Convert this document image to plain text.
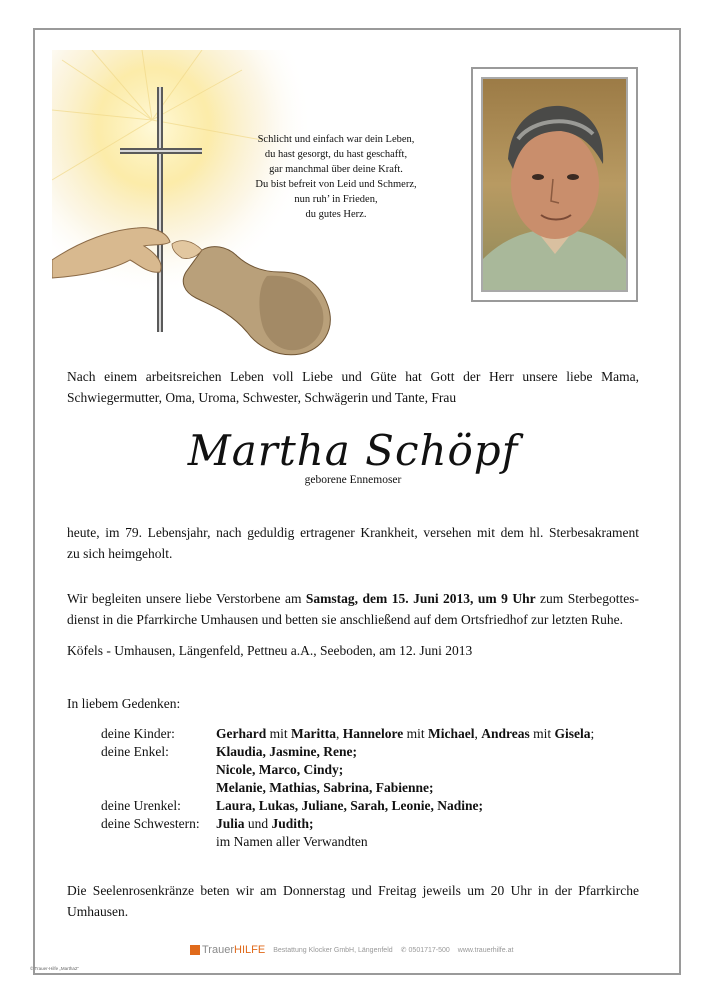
Schlicht und einfach war dein Leben,
du hast gesorgt, du hast geschafft,
gar manchmal über deine Kraft.
Du bist befreit von Leid und Schmerz,
nun ruh’ in Frieden,
du gutes Herz.
Nach einem arbeitsreichen Leben voll Liebe und Güte hat Gott der Herr unsere liebe Mama,
Schwiegermutter, Oma, Uroma, Schwester, Schwägerin und Tante, Frau
Martha Schöpf
geborene Ennemoser
heute, im 79. Lebensjahr, nach geduldig ertragener Krankheit, versehen mit dem hl. Sterbesakrament
zu sich heimgeholt.
Wir begleiten unsere liebe Verstorbene am Samstag, dem 15. Juni 2013, um 9 Uhr zum Sterbegottes-
dienst in die Pfarrkirche Umhausen und betten sie anschließend auf dem Ortsfriedhof zur letzten Ruhe.
Köfels - Umhausen, Längenfeld, Pettneu a.A., Seeboden, am 12. Juni 2013
In liebem Gedenken:
deine Kinder:	Gerhard mit Maritta, Hannelore mit Michael, Andreas mit Gisela;
deine Enkel:	Klaudia, Jasmine, Rene;
Nicole, Marco, Cindy;
Melanie, Mathias, Sabrina, Fabienne;
deine Urenkel:	Laura, Lukas, Juliane, Sarah, Leonie, Nadine;
deine Schwestern: Julia und Judith;
im Namen aller Verwandten
Die Seelenrosenkränze beten wir am Donnerstag und Freitag jeweils um 20 Uhr in der Pfarrkirche
Umhausen.
TrauerHILFE Bestattung Klocker GmbH, Längenfeld ✆ 0501717-500 www.trauerhilfe.at
© Trauer-Hilfe „Martha2“
